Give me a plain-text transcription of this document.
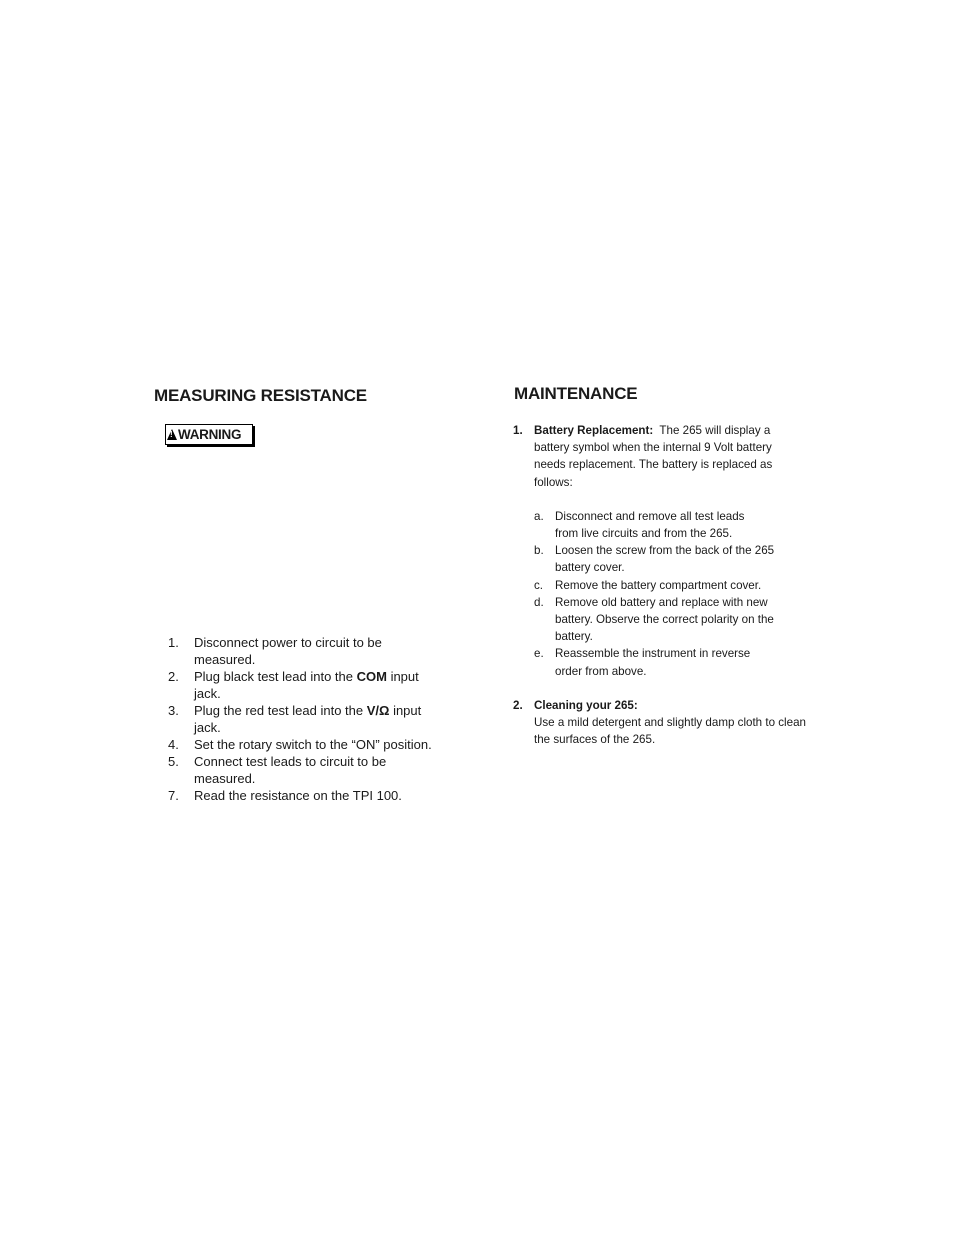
MEASURING RESISTANCE
!
WARNING
1.	Disconnect power to circuit to be measured.
2.	Plug black test lead into the COM input jack.
3.	Plug the red test lead into the V/Ω input jack.
4.	Set the rotary switch to the “ON” position.
5.	Connect test leads to circuit to be measured.
7.	Read the resistance on the TPI 100.
MAINTENANCE
1. Battery Replacement:  The 265 will display a battery symbol when the internal 9 Volt battery needs replacement. The battery is replaced as follows:
a. Disconnect and remove all test leads from live circuits and from the 265.
b. Loosen the screw from the back of the 265 battery cover.
c.	Remove the battery compartment cover.
d. Remove old battery and replace with new battery. Observe the correct polarity on the battery.
e. Reassemble the instrument in reverse order from above.
2. Cleaning your 265:
Use a mild detergent and slightly damp cloth to clean the surfaces of the 265.
